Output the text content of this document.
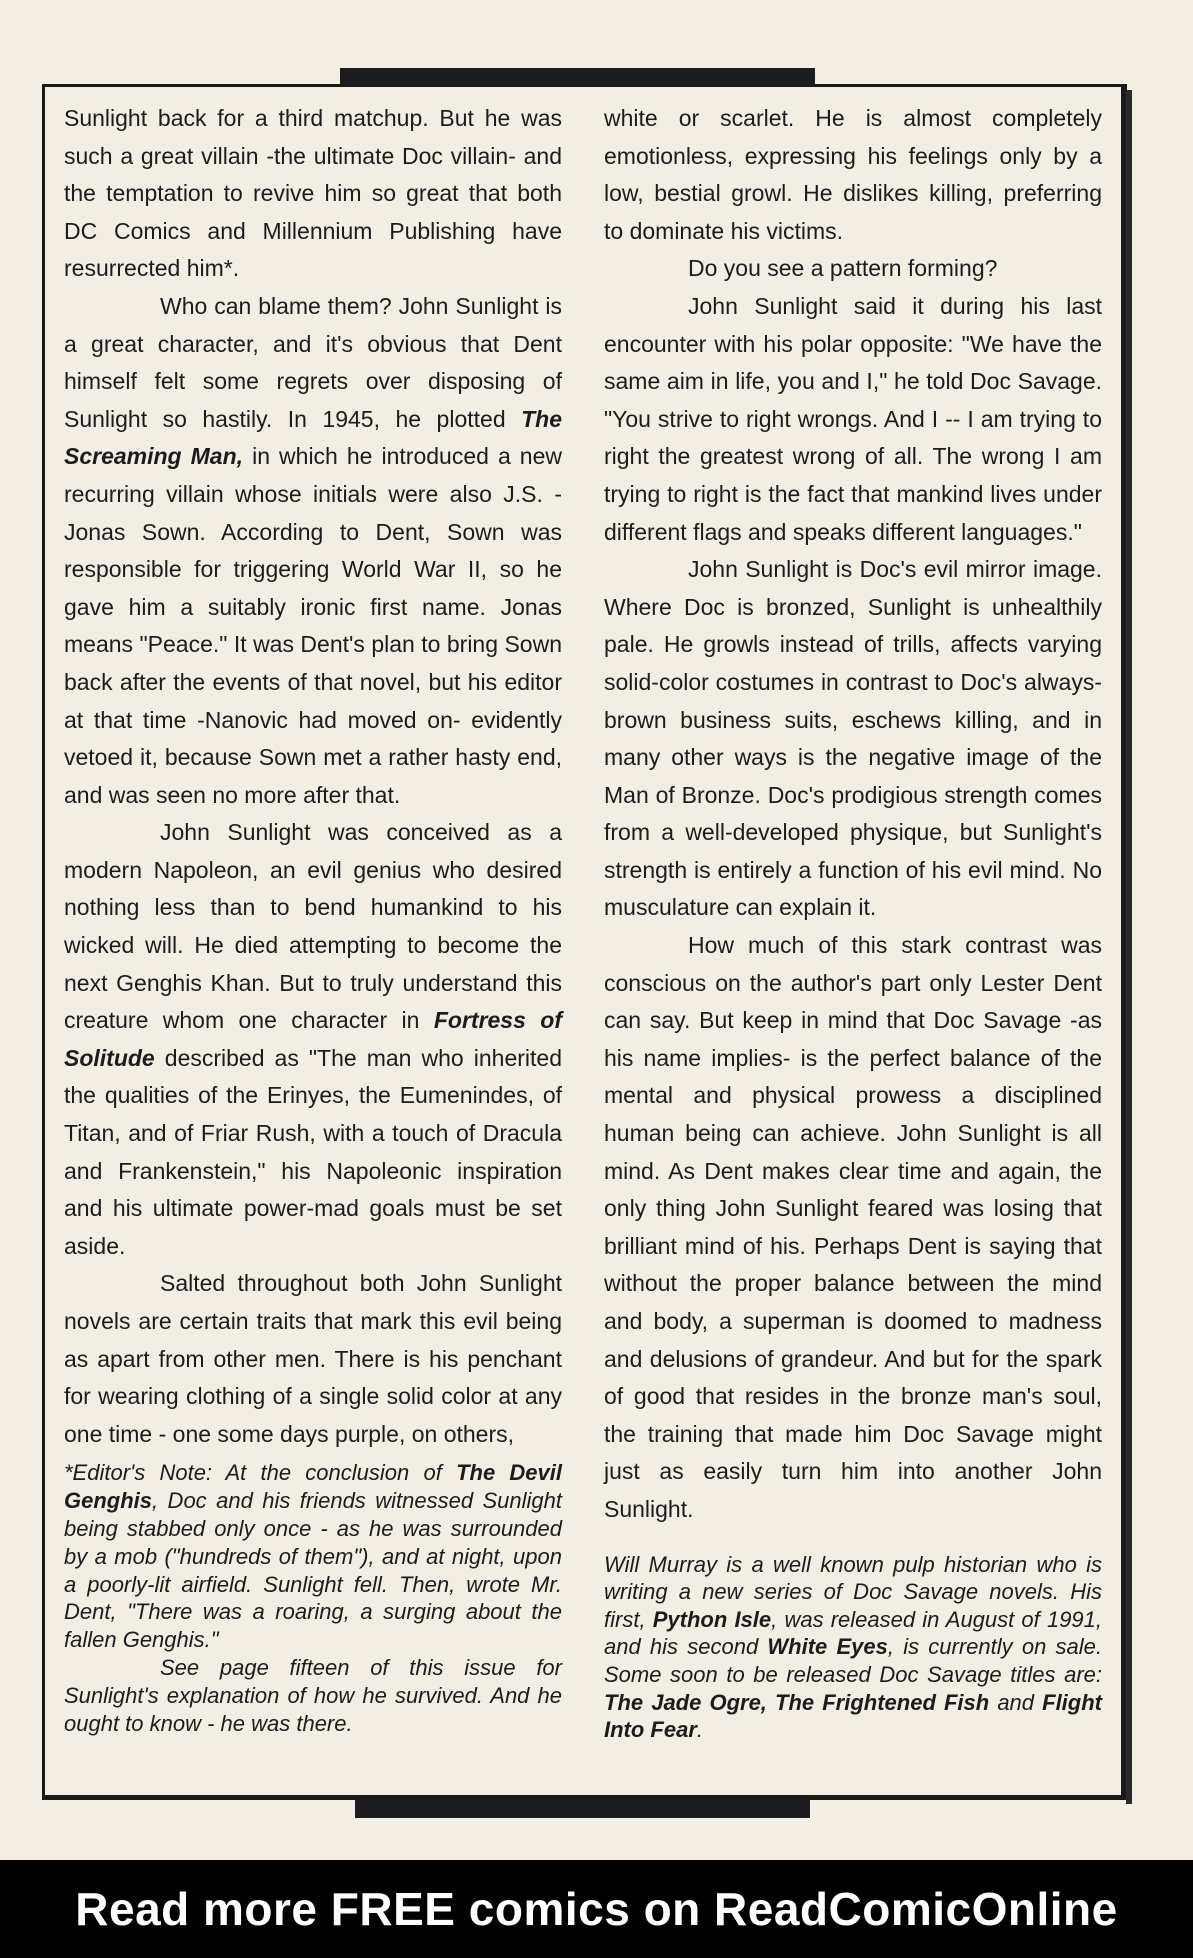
Sunlight back for a third matchup. But he was such a great villain -the ultimate Doc villain- and the temptation to revive him so great that both DC Comics and Millennium Publishing have resurrected him*.

Who can blame them? John Sunlight is a great character, and it's obvious that Dent himself felt some regrets over disposing of Sunlight so hastily. In 1945, he plotted The Screaming Man, in which he introduced a new recurring villain whose initials were also J.S. - Jonas Sown. According to Dent, Sown was responsible for triggering World War II, so he gave him a suitably ironic first name. Jonas means "Peace." It was Dent's plan to bring Sown back after the events of that novel, but his editor at that time -Nanovic had moved on- evidently vetoed it, because Sown met a rather hasty end, and was seen no more after that.

John Sunlight was conceived as a modern Napoleon, an evil genius who desired nothing less than to bend humankind to his wicked will. He died attempting to become the next Genghis Khan. But to truly understand this creature whom one character in Fortress of Solitude described as "The man who inherited the qualities of the Erinyes, the Eumenindes, of Titan, and of Friar Rush, with a touch of Dracula and Frankenstein," his Napoleonic inspiration and his ultimate power-mad goals must be set aside.

Salted throughout both John Sunlight novels are certain traits that mark this evil being as apart from other men. There is his penchant for wearing clothing of a single solid color at any one time - one some days purple, on others,

*Editor's Note: At the conclusion of The Devil Genghis, Doc and his friends witnessed Sunlight being stabbed only once - as he was surrounded by a mob ("hundreds of them"), and at night, upon a poorly-lit airfield. Sunlight fell. Then, wrote Mr. Dent, "There was a roaring, a surging about the fallen Genghis."

See page fifteen of this issue for Sunlight's explanation of how he survived. And he ought to know - he was there.

white or scarlet. He is almost completely emotionless, expressing his feelings only by a low, bestial growl. He dislikes killing, preferring to dominate his victims.

Do you see a pattern forming?

John Sunlight said it during his last encounter with his polar opposite: "We have the same aim in life, you and I," he told Doc Savage. "You strive to right wrongs. And I -- I am trying to right the greatest wrong of all. The wrong I am trying to right is the fact that mankind lives under different flags and speaks different languages."

John Sunlight is Doc's evil mirror image. Where Doc is bronzed, Sunlight is unhealthily pale. He growls instead of trills, affects varying solid-color costumes in contrast to Doc's always-brown business suits, eschews killing, and in many other ways is the negative image of the Man of Bronze. Doc's prodigious strength comes from a well-developed physique, but Sunlight's strength is entirely a function of his evil mind. No musculature can explain it.

How much of this stark contrast was conscious on the author's part only Lester Dent can say. But keep in mind that Doc Savage -as his name implies- is the perfect balance of the mental and physical prowess a disciplined human being can achieve. John Sunlight is all mind. As Dent makes clear time and again, the only thing John Sunlight feared was losing that brilliant mind of his. Perhaps Dent is saying that without the proper balance between the mind and body, a superman is doomed to madness and delusions of grandeur. And but for the spark of good that resides in the bronze man's soul, the training that made him Doc Savage might just as easily turn him into another John Sunlight.

Will Murray is a well known pulp historian who is writing a new series of Doc Savage novels. His first, Python Isle, was released in August of 1991, and his second White Eyes, is currently on sale. Some soon to be released Doc Savage titles are: The Jade Ogre, The Frightened Fish and Flight Into Fear.
Read more FREE comics on ReadComicOnline
